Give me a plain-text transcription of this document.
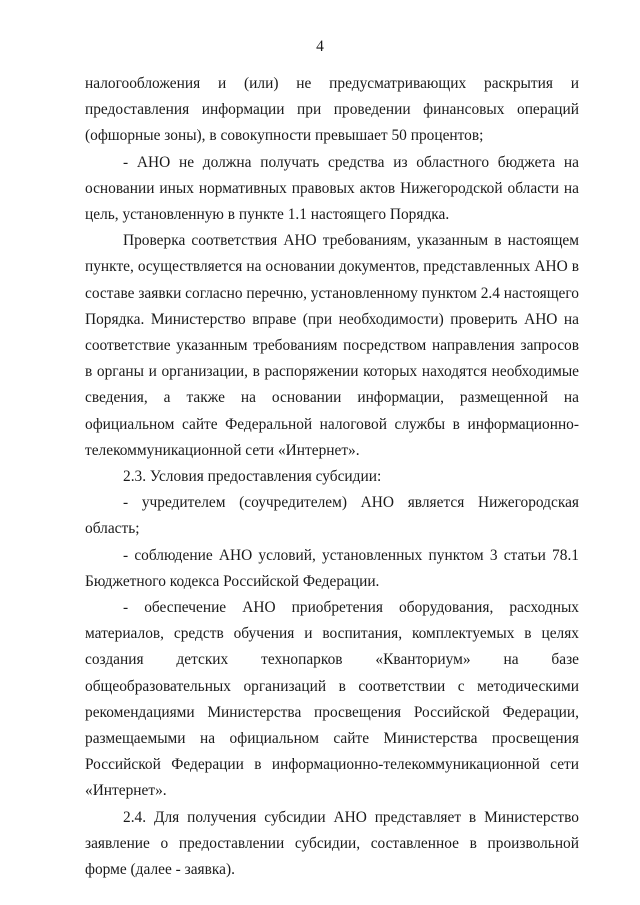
4

налогообложения и (или) не предусматривающих раскрытия и предоставления информации при проведении финансовых операций (офшорные зоны), в совокупности превышает 50 процентов;

- АНО не должна получать средства из областного бюджета на основании иных нормативных правовых актов Нижегородской области на цель, установленную в пункте 1.1 настоящего Порядка.

Проверка соответствия АНО требованиям, указанным в настоящем пункте, осуществляется на основании документов, представленных АНО в составе заявки согласно перечню, установленному пунктом 2.4 настоящего Порядка. Министерство вправе (при необходимости) проверить АНО на соответствие указанным требованиям посредством направления запросов в органы и организации, в распоряжении которых находятся необходимые сведения, а также на основании информации, размещенной на официальном сайте Федеральной налоговой службы в информационно-телекоммуникационной сети «Интернет».

2.3. Условия предоставления субсидии:

- учредителем (соучредителем) АНО является Нижегородская область;

- соблюдение АНО условий, установленных пунктом 3 статьи 78.1 Бюджетного кодекса Российской Федерации.

- обеспечение АНО приобретения оборудования, расходных материалов, средств обучения и воспитания, комплектуемых в целях создания детских технопарков «Кванториум» на базе общеобразовательных организаций в соответствии с методическими рекомендациями Министерства просвещения Российской Федерации, размещаемыми на официальном сайте Министерства просвещения Российской Федерации в информационно-телекоммуникационной сети «Интернет».

2.4. Для получения субсидии АНО представляет в Министерство заявление о предоставлении субсидии, составленное в произвольной форме (далее - заявка).
